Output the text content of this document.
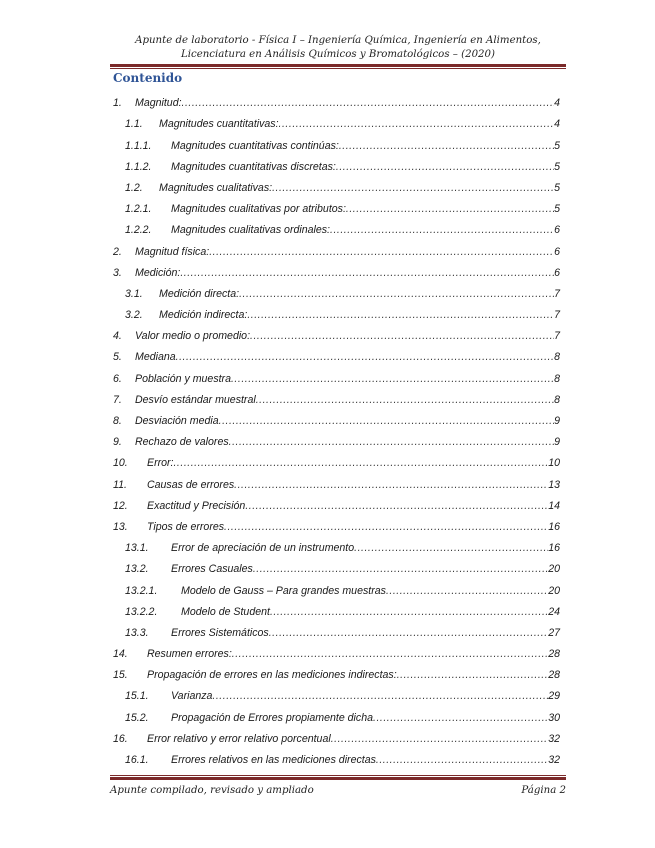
Apunte de laboratorio - Física I – Ingeniería Química, Ingeniería en Alimentos,
Licenciatura en Análisis Químicos y Bromatológicos – (2020)
Contenido
1.	Magnitud: .....	4
1.1.	Magnitudes cuantitativas: .....	4
1.1.1.	Magnitudes cuantitativas continúas: .....	5
1.1.2.	Magnitudes cuantitativas discretas: .....	5
1.2.	Magnitudes cualitativas: .....	5
1.2.1.	Magnitudes cualitativas por atributos: .....	5
1.2.2.	Magnitudes cualitativas ordinales: .....	6
2.	Magnitud física: .....	6
3.	Medición: .....	6
3.1.	Medición directa: .....	7
3.2.	Medición indirecta: .....	7
4.	Valor medio o promedio: .....	7
5.	Mediana .....	8
6.	Población y muestra .....	8
7.	Desvío estándar muestral .....	8
8.	Desviación media .....	9
9.	Rechazo de valores .....	9
10.	Error: .....	10
11.	Causas de errores .....	13
12.	Exactitud y Precisión .....	14
13.	Tipos de errores .....	16
13.1.	Error de apreciación de un instrumento .....	16
13.2.	Errores Casuales .....	20
13.2.1.	Modelo de Gauss – Para grandes muestras .....	20
13.2.2.	Modelo de Student .....	24
13.3.	Errores Sistemáticos .....	27
14.	Resumen errores: .....	28
15.	Propagación de errores en las mediciones indirectas: .....	28
15.1.	Varianza .....	29
15.2.	Propagación de Errores propiamente dicha .....	30
16.	Error relativo y error relativo porcentual .....	32
16.1.	Errores relativos en las mediciones directas .....	32
Apunte compilado, revisado y ampliado	Página 2
